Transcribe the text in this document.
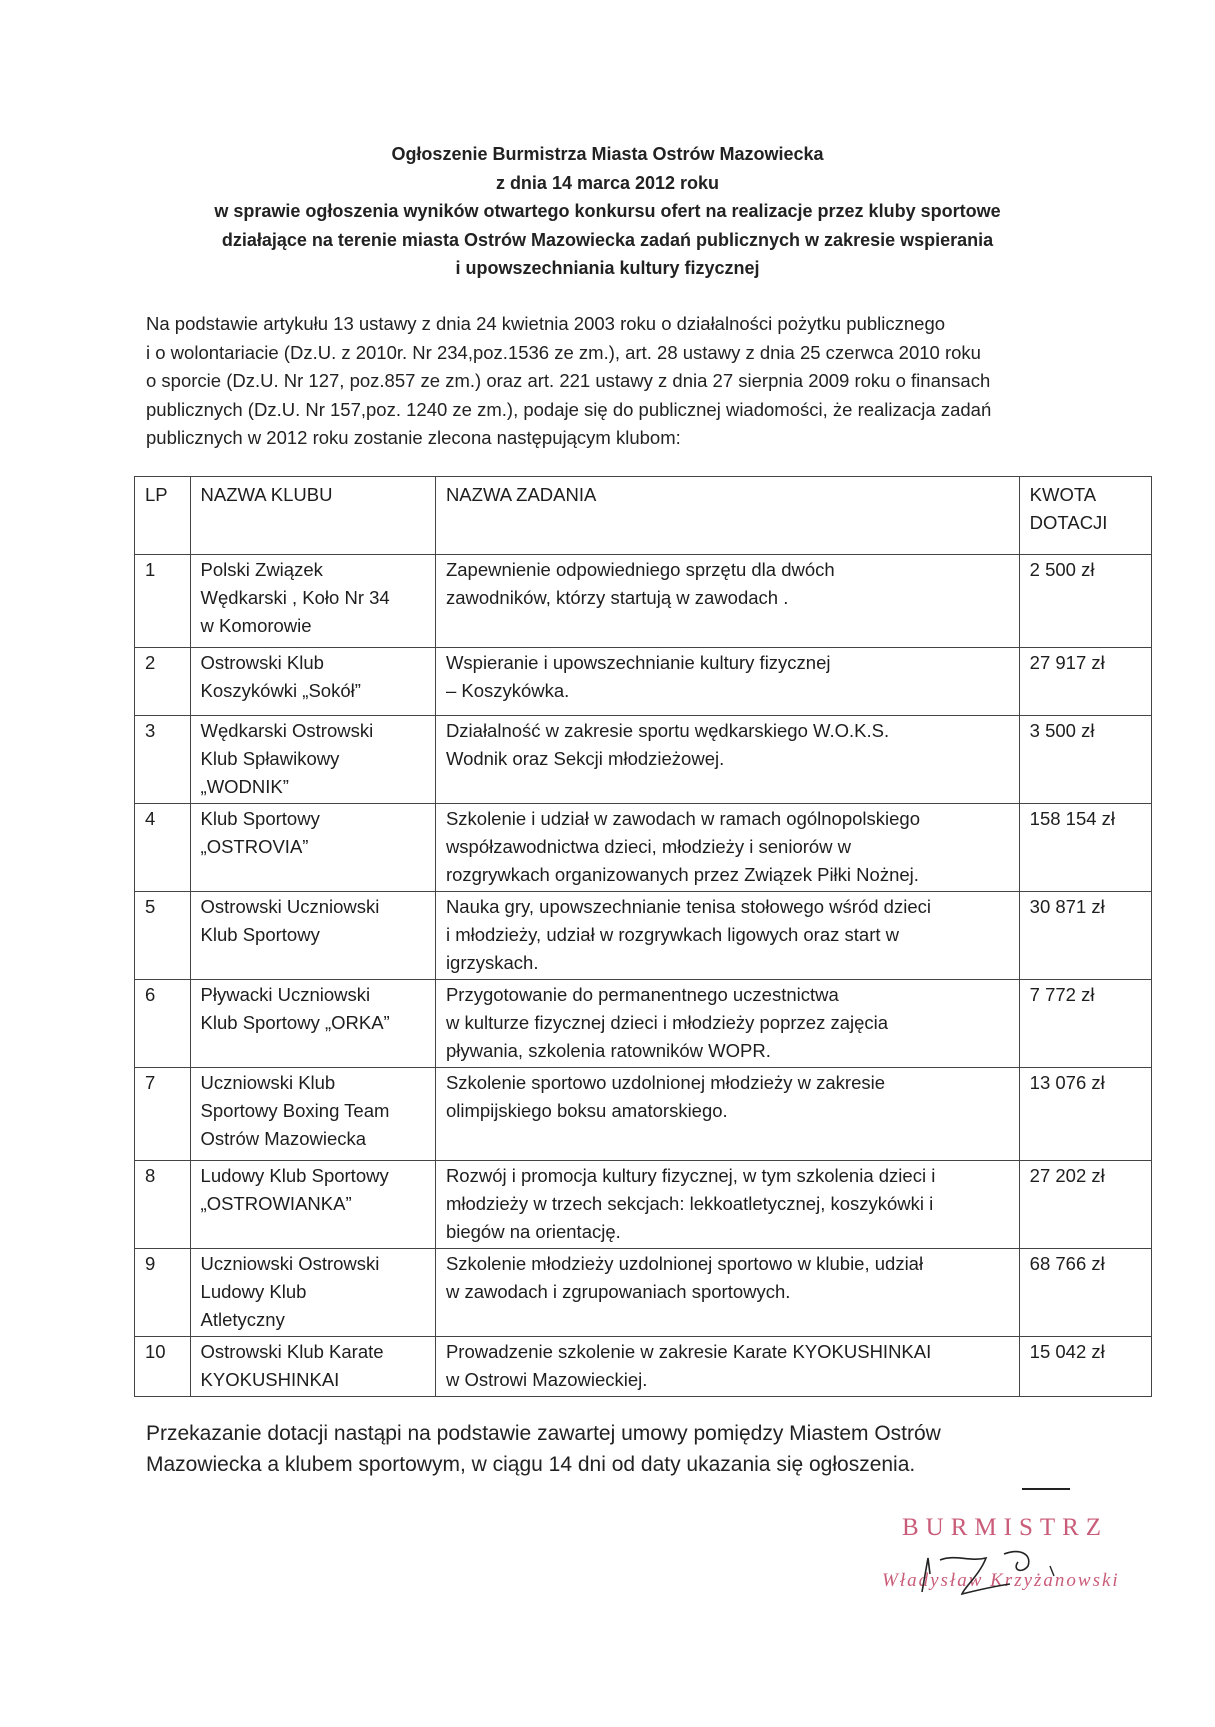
Ogłoszenie Burmistrza Miasta Ostrów Mazowiecka
z dnia 14 marca 2012 roku
w sprawie ogłoszenia wyników otwartego konkursu ofert na realizacje przez kluby sportowe
działające na terenie miasta Ostrów Mazowiecka zadań publicznych w zakresie wspierania
i upowszechniania kultury fizycznej
Na podstawie artykułu 13 ustawy z dnia 24 kwietnia 2003 roku o działalności pożytku publicznego
i o wolontariacie (Dz.U. z 2010r. Nr 234,poz.1536 ze zm.), art. 28 ustawy z dnia 25 czerwca 2010 roku
o sporcie (Dz.U. Nr 127, poz.857 ze zm.) oraz art. 221 ustawy z dnia 27 sierpnia 2009 roku o finansach
publicznych (Dz.U. Nr 157,poz. 1240 ze zm.), podaje się do publicznej wiadomości, że realizacja zadań
publicznych w 2012 roku zostanie zlecona następującym klubom:
LP	NAZWA KLUBU	NAZWA ZADANIA	KWOTA
DOTACJI

1	Polski Związek
Wędkarski , Koło Nr 34
w Komorowie	Zapewnienie odpowiedniego sprzętu dla dwóch
zawodników, którzy startują w zawodach .	2 500 zł
2	Ostrowski Klub
Koszykówki „Sokół”	Wspieranie i upowszechnianie kultury fizycznej
– Koszykówka.	27 917 zł
3	Wędkarski Ostrowski
Klub Spławikowy
„WODNIK”	Działalność w zakresie sportu wędkarskiego W.O.K.S.
Wodnik oraz Sekcji młodzieżowej.	3 500 zł
4	Klub Sportowy
„OSTROVIA”	Szkolenie i udział w zawodach w ramach ogólnopolskiego
współzawodnictwa dzieci, młodzieży i seniorów w
rozgrywkach organizowanych przez Związek Piłki Nożnej.	158 154 zł
5	Ostrowski Uczniowski
Klub Sportowy	Nauka gry, upowszechnianie tenisa stołowego wśród dzieci
i młodzieży, udział w rozgrywkach ligowych oraz start w
igrzyskach.	30 871 zł
6	Pływacki Uczniowski
Klub Sportowy „ORKA”	Przygotowanie do permanentnego uczestnictwa
w kulturze fizycznej dzieci i młodzieży poprzez zajęcia
pływania, szkolenia ratowników WOPR.	7 772 zł
7	Uczniowski Klub
Sportowy Boxing Team
Ostrów Mazowiecka	Szkolenie sportowo uzdolnionej młodzieży w zakresie
olimpijskiego boksu amatorskiego.	13 076 zł
8	Ludowy Klub Sportowy
„OSTROWIANKA”	Rozwój i promocja kultury fizycznej, w tym szkolenia dzieci i
młodzieży w trzech sekcjach: lekkoatletycznej, koszykówki i
biegów na orientację.	27 202 zł
9	Uczniowski Ostrowski
Ludowy Klub
Atletyczny	Szkolenie młodzieży uzdolnionej sportowo w klubie, udział
w zawodach i zgrupowaniach sportowych.	68 766 zł
10	Ostrowski Klub Karate
KYOKUSHINKAI	Prowadzenie szkolenie w zakresie Karate KYOKUSHINKAI
w Ostrowi Mazowieckiej.	15 042 zł
Przekazanie dotacji nastąpi na podstawie zawartej umowy pomiędzy Miastem Ostrów
Mazowiecka a klubem sportowym, w ciągu 14 dni od daty ukazania się ogłoszenia.
BURMISTRZ
Władysław Krzyżanowski
